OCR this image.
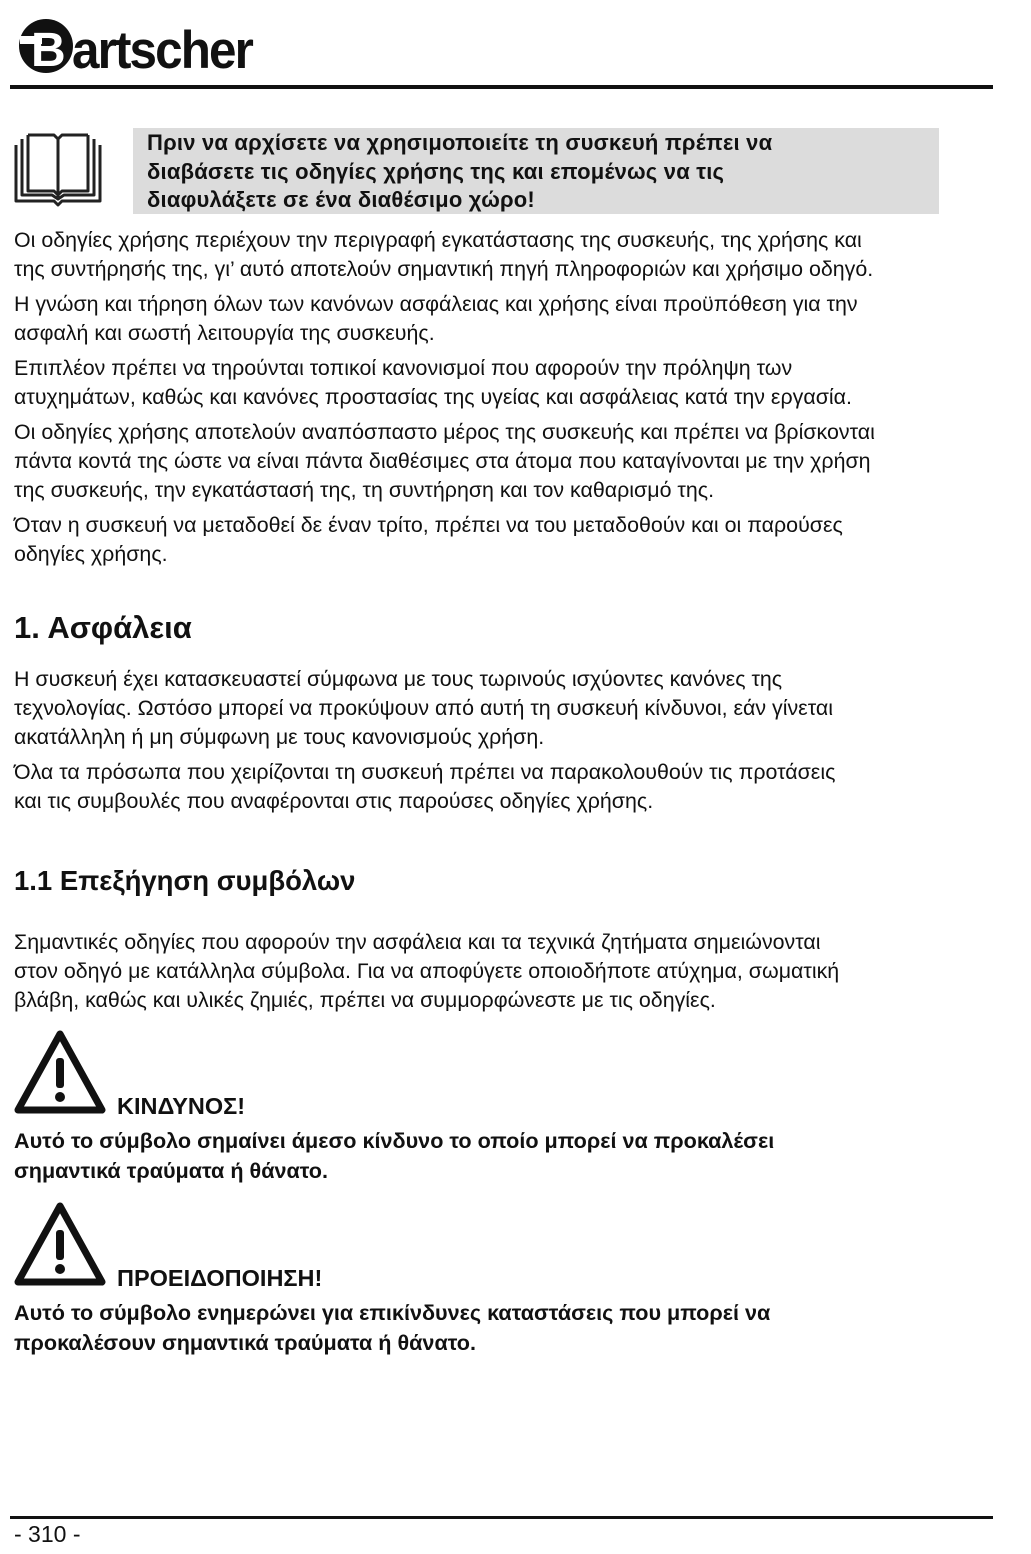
B artscher
Πριν να αρχίσετε να χρησιμοποιείτε τη συσκευή πρέπει να
διαβάσετε τις οδηγίες χρήσης της και επομένως να τις
διαφυλάξετε σε ένα διαθέσιμο χώρο!

Οι οδηγίες χρήσης περιέχουν την περιγραφή εγκατάστασης της συσκευής, της χρήσης και
της συντήρησής της, γι’ αυτό αποτελούν σημαντική πηγή πληροφοριών και χρήσιμο οδηγό.

Η γνώση και τήρηση όλων των κανόνων ασφάλειας και χρήσης είναι προϋπόθεση για την
ασφαλή και σωστή λειτουργία της συσκευής.

Επιπλέον πρέπει να τηρούνται τοπικοί κανονισμοί που αφορούν την πρόληψη των
ατυχημάτων, καθώς και κανόνες προστασίας της υγείας και ασφάλειας κατά την εργασία.

Οι οδηγίες χρήσης αποτελούν αναπόσπαστο μέρος της συσκευής και πρέπει να βρίσκονται
πάντα κοντά της ώστε να είναι πάντα διαθέσιμες στα άτομα που καταγίνονται με την χρήση
της συσκευής, την εγκατάστασή της, τη συντήρηση και τον καθαρισμό της.

Όταν η συσκευή να μεταδοθεί δε έναν τρίτο, πρέπει να του μεταδοθούν και οι παρούσες
οδηγίες χρήσης.

1. Ασφάλεια

Η συσκευή έχει κατασκευαστεί σύμφωνα με τους τωρινούς ισχύοντες κανόνες της
τεχνολογίας. Ωστόσο μπορεί να προκύψουν από αυτή τη συσκευή κίνδυνοι, εάν γίνεται
ακατάλληλη ή μη σύμφωνη με τους κανονισμούς χρήση.

Όλα τα πρόσωπα που χειρίζονται τη συσκευή πρέπει να παρακολουθούν τις προτάσεις
και τις συμβουλές που αναφέρονται στις παρούσες οδηγίες χρήσης.

1.1 Επεξήγηση συμβόλων

Σημαντικές οδηγίες που αφορούν την ασφάλεια και τα τεχνικά ζητήματα σημειώνονται
στον οδηγό με κατάλληλα σύμβολα. Για να αποφύγετε οποιοδήποτε ατύχημα, σωματική
βλάβη, καθώς και υλικές ζημιές, πρέπει να συμμορφώνεστε με τις οδηγίες.

ΚΙΝΔΥΝΟΣ!

Αυτό το σύμβολο σημαίνει άμεσο κίνδυνο το οποίο μπορεί να προκαλέσει
σημαντικά τραύματα ή θάνατο.

ΠΡΟΕΙΔΟΠΟΙΗΣΗ!

Αυτό το σύμβολο ενημερώνει για επικίνδυνες καταστάσεις που μπορεί να
προκαλέσουν σημαντικά τραύματα ή θάνατο.

- 310 -
